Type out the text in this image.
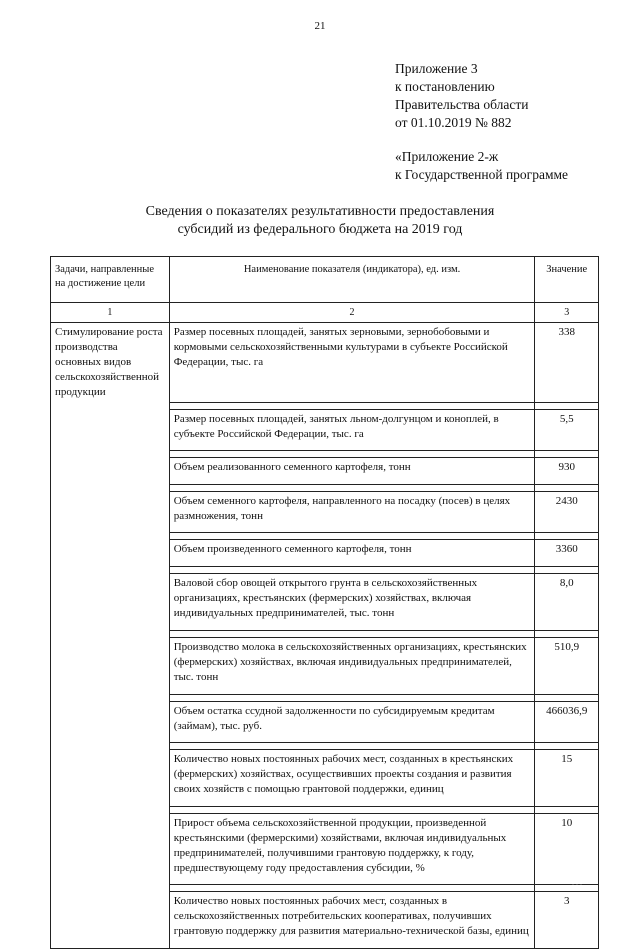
21
Приложение 3
к постановлению
Правительства области
от 01.10.2019 № 882
«Приложение 2-ж
к Государственной программе
Сведения о показателях результативности предоставления
субсидий из федерального бюджета на 2019 год
Задачи, направленные на достижение цели	Наименование показателя (индикатора), ед. изм.	Значение
1	2	3
Стимулирование роста производства основных видов сельскохозяйственной продукции	Размер посевных площадей, занятых зерновыми, зернобобовыми и кормовыми сельскохозяйственными культурами в субъекте Российской Федерации, тыс. га	338

	Размер посевных площадей, занятых льном-долгунцом и коноплей, в субъекте Российской Федерации, тыс. га	5,5

	Объем реализованного семенного картофеля, тонн	930

	Объем семенного картофеля, направленного на посадку (посев) в целях размножения, тонн	2430

	Объем произведенного семенного картофеля, тонн	3360

	Валовой сбор овощей открытого грунта в сельскохозяйственных организациях, крестьянских (фермерских) хозяйствах, включая индивидуальных предпринимателей, тыс. тонн	8,0

	Производство молока в сельскохозяйственных организациях, крестьянских (фермерских) хозяйствах, включая индивидуальных предпринимателей, тыс. тонн	510,9

	Объем остатка ссудной задолженности по субсидируемым кредитам (займам), тыс. руб.	466036,9

	Количество новых постоянных рабочих мест, созданных в крестьянских (фермерских) хозяйствах, осуществивших проекты создания и развития своих хозяйств с помощью грантовой поддержки, единиц	15

	Прирост объема сельскохозяйственной продукции, произведенной крестьянскими (фермерскими) хозяйствами, включая индивидуальных предпринимателей, получившими грантовую поддержку, к году, предшествующему году предоставления субсидии, %	10

	Количество новых постоянных рабочих мест, созданных в сельскохозяйственных потребительских кооперативах, получивших грантовую поддержку для развития материально-технической базы, единиц	3
. . .
